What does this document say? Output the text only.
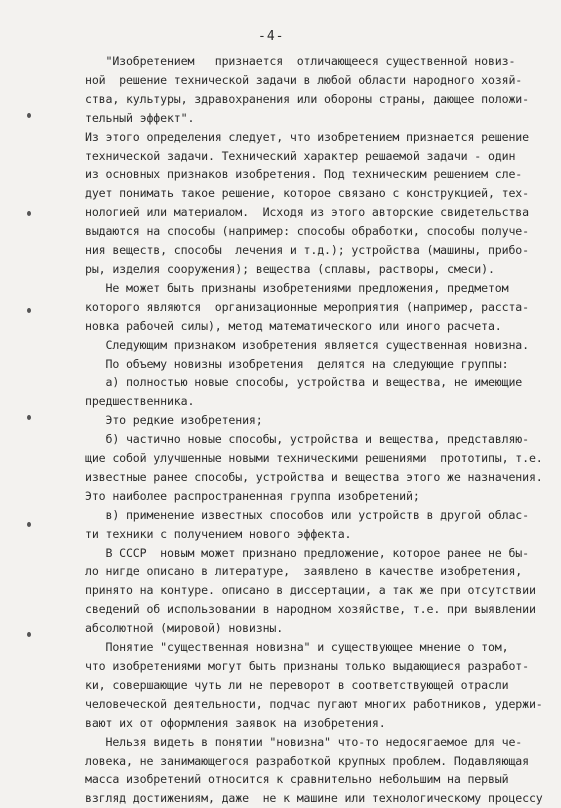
-4-
"Изобретением   признается  отличающееся существенной новиз-
ной  решение технической задачи в любой области народного хозяй-
ства, культуры, здравохранения или обороны страны, дающее положи-
тельный эффект".
Из этого определения следует, что изобретением признается решение
технической задачи. Технический характер решаемой задачи - один
из основных признаков изобретения. Под техническим решением сле-
дует понимать такое решение, которое связано с конструкцией, тех-
нологией или материалом.  Исходя из этого авторские свидетельства
выдаются на способы (например: способы обработки, способы получе-
ния веществ, способы  лечения и т.д.); устройства (машины, прибо-
ры, изделия сооружения); вещества (сплавы, растворы, смеси).
Не может быть признаны изобретениями предложения, предметом
которого являются  организационные мероприятия (например, расста-
новка рабочей силы), метод математического или иного расчета.
Следующим признаком изобретения является существенная новизна.
По объему новизны изобретения  делятся на следующие группы:
а) полностью новые способы, устройства и вещества, не имеющие
предшественника.
Это редкие изобретения;
б) частично новые способы, устройства и вещества, представляю-
щие собой улучшенные новыми техническими решениями  прототипы, т.е.
известные ранее способы, устройства и вещества этого же назначения.
Это наиболее распространенная группа изобретений;
в) применение известных способов или устройств в другой облас-
ти техники с получением нового эффекта.
В СССР  новым может признано предложение, которое ранее не бы-
ло нигде описано в литературе,  заявлено в качестве изобретения,
принято на контуре. описано в диссертации, а так же при отсутствии
сведений об использовании в народном хозяйстве, т.е. при выявлении
абсолютной (мировой) новизны.
Понятие "существенная новизна" и существующее мнение о том,
что изобретениями могут быть признаны только выдающиеся разработ-
ки, совершающие чуть ли не переворот в соответствующей отрасли
человеческой деятельности, подчас пугают многих работников, удержи-
вают их от оформления заявок на изобретения.
Нельзя видеть в понятии "новизна" что-то недосягаемое для че-
ловека, не занимающегося разработкой крупных проблем. Подавляющая
масса изобретений относится к сравнительно небольшим на первый
взгляд достижениям, даже  не к машине или технологическому процессу
